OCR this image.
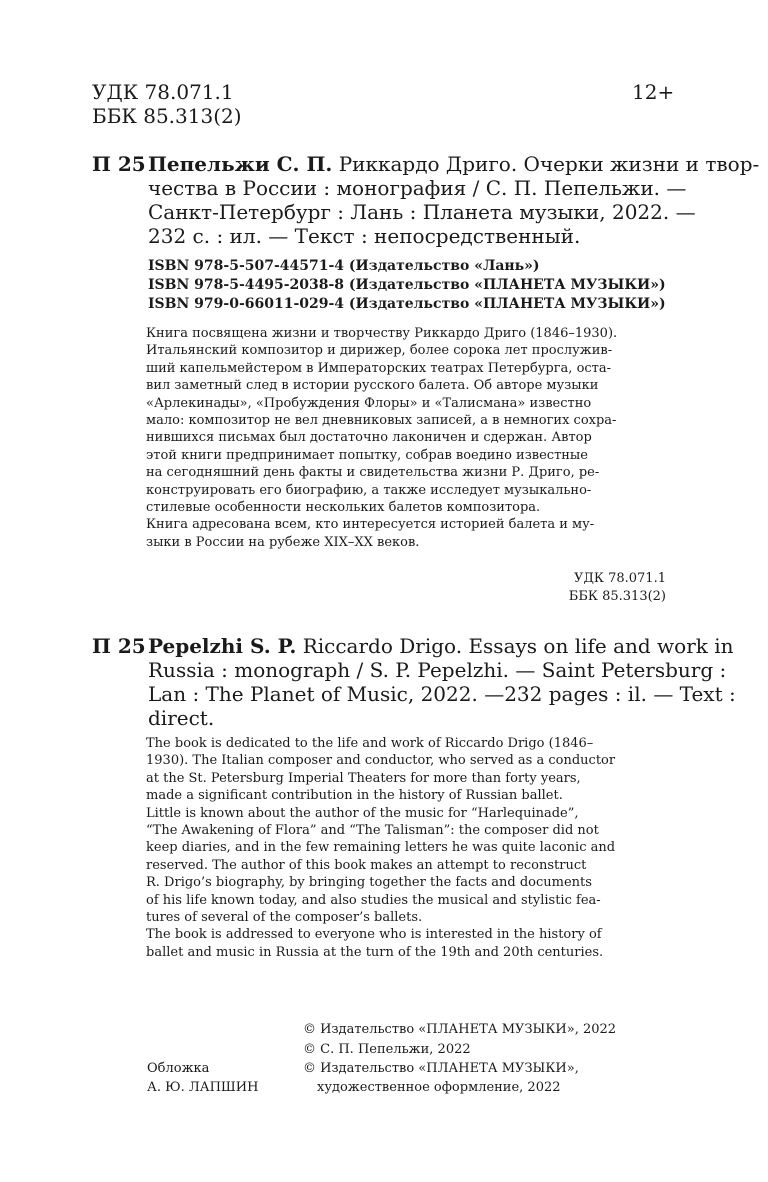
УДК 78.071.1
ББК 85.313(2)
12+
П 25 Пепельжи С. П. Риккардо Дриго. Очерки жизни и твор-
чества в России : монография / С. П. Пепельжи. —
Санкт-Петербург : Лань : Планета музыки, 2022. —
232 с. : ил. — Текст : непосредственный.
ISBN 978-5-507-44571-4 (Издательство «Лань»)
ISBN 978-5-4495-2038-8 (Издательство «ПЛАНЕТА МУЗЫКИ»)
ISBN 979-0-66011-029-4 (Издательство «ПЛАНЕТА МУЗЫКИ»)
Книга посвящена жизни и творчеству Риккардо Дриго (1846–1930).
Итальянский композитор и дирижер, более сорока лет прослужив-
ший капельмейстером в Императорских театрах Петербурга, оста-
вил заметный след в истории русского балета. Об авторе музыки
«Арлекинады», «Пробуждения Флоры» и «Талисмана» известно
мало: композитор не вел дневниковых записей, а в немногих сохра-
нившихся письмах был достаточно лаконичен и сдержан. Автор
этой книги предпринимает попытку, собрав воедино известные
на сегодняшний день факты и свидетельства жизни Р. Дриго, ре-
конструировать его биографию, а также исследует музыкально-
стилевые особенности нескольких балетов композитора.
Книга адресована всем, кто интересуется историей балета и му-
зыки в России на рубеже XIX–XX веков.
УДК 78.071.1
ББК 85.313(2)
П 25 Pepelzhi S. P. Riccardo Drigo. Essays on life and work in
Russia : monograph / S. P. Pepelzhi. — Saint Petersburg :
Lan : The Planet of Music, 2022. —232 pages : il. — Text :
direct.
The book is dedicated to the life and work of Riccardo Drigo (1846–
1930). The Italian composer and conductor, who served as a conductor
at the St. Petersburg Imperial Theaters for more than forty years,
made a significant contribution in the history of Russian ballet.
Little is known about the author of the music for “Harlequinade”,
“The Awakening of Flora” and “The Talisman”: the composer did not
keep diaries, and in the few remaining letters he was quite laconic and
reserved. The author of this book makes an attempt to reconstruct
R. Drigo’s biography, by bringing together the facts and documents
of his life known today, and also studies the musical and stylistic fea-
tures of several of the composer’s ballets.
The book is addressed to everyone who is interested in the history of
ballet and music in Russia at the turn of the 19th and 20th centuries.
© Издательство «ПЛАНЕТА МУЗЫКИ», 2022
© С. П. Пепельжи, 2022
© Издательство «ПЛАНЕТА МУЗЫКИ»,
художественное оформление, 2022
Обложка
А. Ю. ЛАПШИН
